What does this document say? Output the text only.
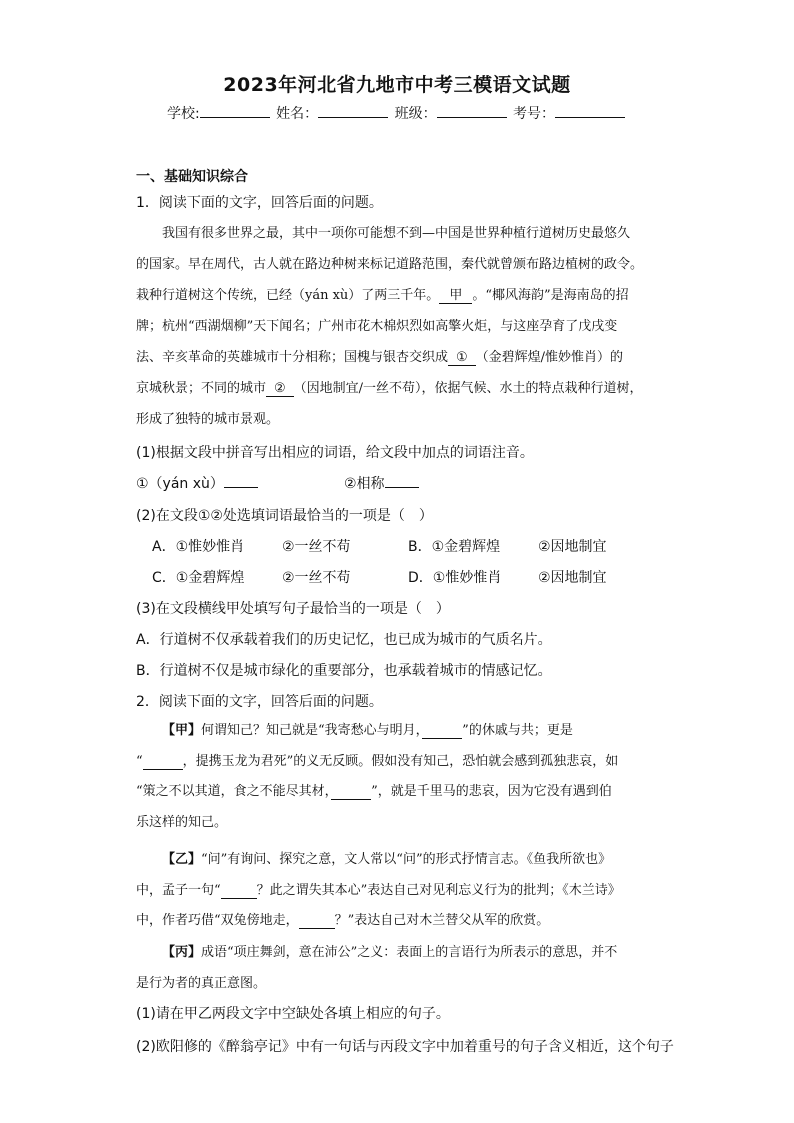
2023年河北省九地市中考三模语文试题
学校:	姓名：	班级：	考号：
一、基础知识综合
1．阅读下面的文字，回答后面的问题。

我国有很多世界之最，其中一项你可能想不到—中国是世界种植行道树历史最悠久

的国家。早在周代，古人就在路边种树来标记道路范围，秦代就曾颁布路边植树的政令。
栽种行道树这个传统，已经（yán xù）了两三千年。 甲 。“椰风海韵”是海南岛的招
牌；杭州“西湖烟柳”天下闻名；广州市花木棉炽烈如高擎火炬，与这座孕育了戊戌变
法、辛亥革命的英雄城市十分相称；国槐与银杏交织成 ① （金碧辉煌/惟妙惟肖）的
京城秋景；不同的城市 ② （因地制宜/一丝不苟），依据气候、水土的特点栽种行道树，
形成了独特的城市景观。
(1)根据文段中拼音写出相应的词语，给文段中加点的词语注音。
①（yán xù）	②相称
(2)在文段①②处选填词语最恰当的一项是（　）
A．①惟妙惟肖	②一丝不苟	B．①金碧辉煌	②因地制宜
C．①金碧辉煌	②一丝不苟	D．①惟妙惟肖	②因地制宜
(3)在文段横线甲处填写句子最恰当的一项是（　）
A．行道树不仅承载着我们的历史记忆，也已成为城市的气质名片。
B．行道树不仅是城市绿化的重要部分，也承载着城市的情感记忆。
2．阅读下面的文字，回答后面的问题。

【甲】何谓知己？知己就是“我寄愁心与明月，	”的休戚与共；更是

“	，提携玉龙为君死”的义无反顾。假如没有知己，恐怕就会感到孤独悲哀，如

“策之不以其道，食之不能尽其材，	”，就是千里马的悲哀，因为它没有遇到伯

乐这样的知己。

【乙】“问”有询问、探究之意，文人常以“问”的形式抒情言志。《鱼我所欲也》

中，孟子一句“	？此之谓失其本心”表达自己对见利忘义行为的批判；《木兰诗》

中，作者巧借“双兔傍地走，	？”表达自己对木兰替父从军的欣赏。

【丙】成语“项庄舞剑，意在沛公”之义：表面上的言语行为所表示的意思，并不

是行为者的真正意图。

(1)请在甲乙两段文字中空缺处各填上相应的句子。
(2)欧阳修的《醉翁亭记》中有一句话与丙段文字中加着重号的句子含义相近，这个句子
